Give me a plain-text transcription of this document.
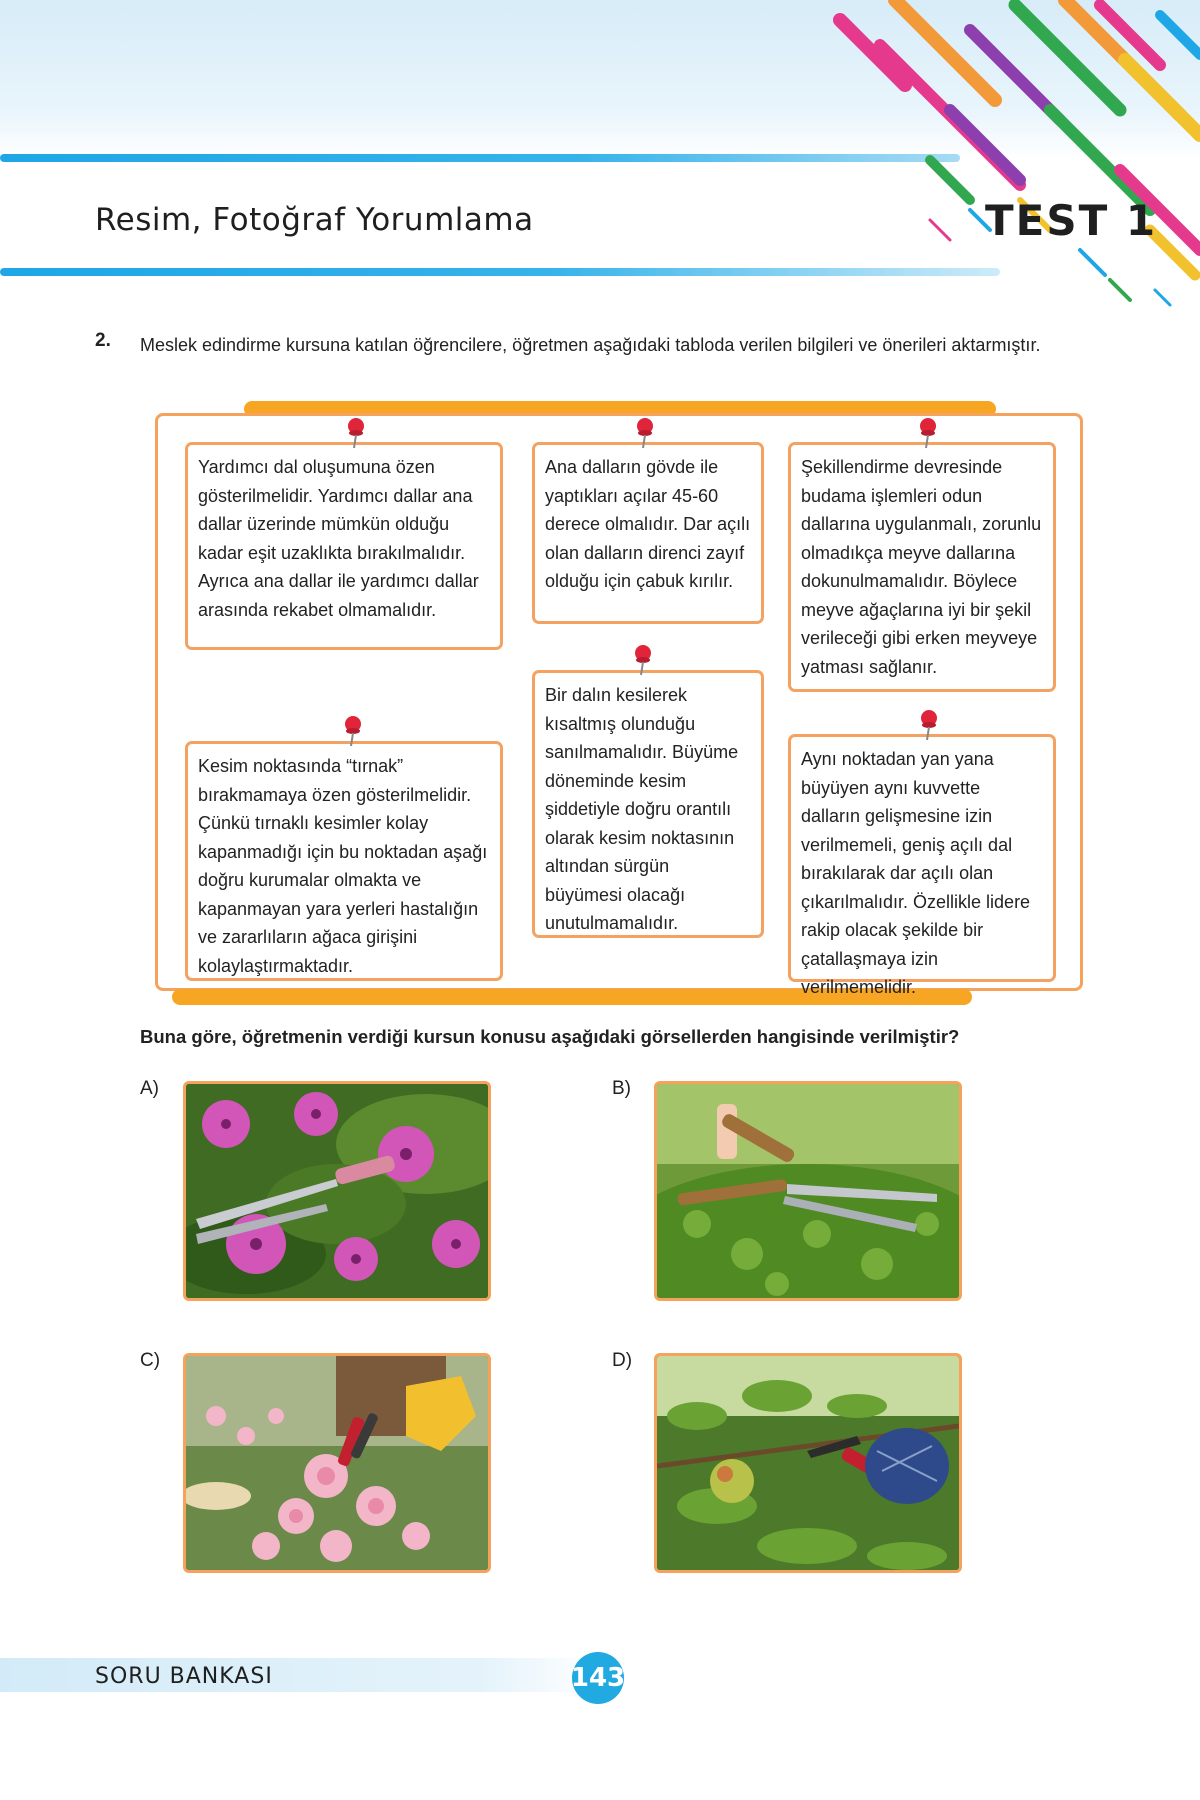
Resim, Fotoğraf Yorumlama	TEST 1
2. Meslek edindirme kursuna katılan öğrencilere, öğretmen aşağıdaki tabloda verilen bilgileri ve önerileri aktarmıştır.
Yardımcı dal oluşumuna özen gösterilmelidir. Yardımcı dallar ana dallar üzerinde mümkün olduğu kadar eşit uzaklıkta bırakılmalıdır. Ayrıca ana dallar ile yardımcı dallar arasında rekabet olmamalıdır.
Ana dalların gövde ile yaptıkları açılar 45-60 derece olmalıdır. Dar açılı olan dalların direnci zayıf olduğu için çabuk kırılır.
Şekillendirme devresinde budama işlemleri odun dallarına uygulanmalı, zorunlu olmadıkça meyve dallarına dokunulmamalıdır. Böylece meyve ağaçlarına iyi bir şekil verileceği gibi erken meyveye yatması sağlanır.
Kesim noktasında “tırnak” bırakmamaya özen gösterilmelidir. Çünkü tırnaklı kesimler kolay kapanmadığı için bu noktadan aşağı doğru kurumalar olmakta ve kapanmayan yara yerleri hastalığın ve zararlıların ağaca girişini kolaylaştırmaktadır.
Bir dalın kesilerek kısaltmış olunduğu sanılmamalıdır. Büyüme döneminde kesim şiddetiyle doğru orantılı olarak kesim noktasının altından sürgün büyümesi olacağı unutulmamalıdır.
Aynı noktadan yan yana büyüyen aynı kuvvette dalların gelişmesine izin verilmemeli, geniş açılı dal bırakılarak dar açılı olan çıkarılmalıdır. Özellikle lidere rakip olacak şekilde bir çatallaşmaya izin verilmemelidir.
Buna göre, öğretmenin verdiği kursun konusu aşağıdaki görsellerden hangisinde verilmiştir?
A)	B)
C)	D)
SORU BANKASI	143
